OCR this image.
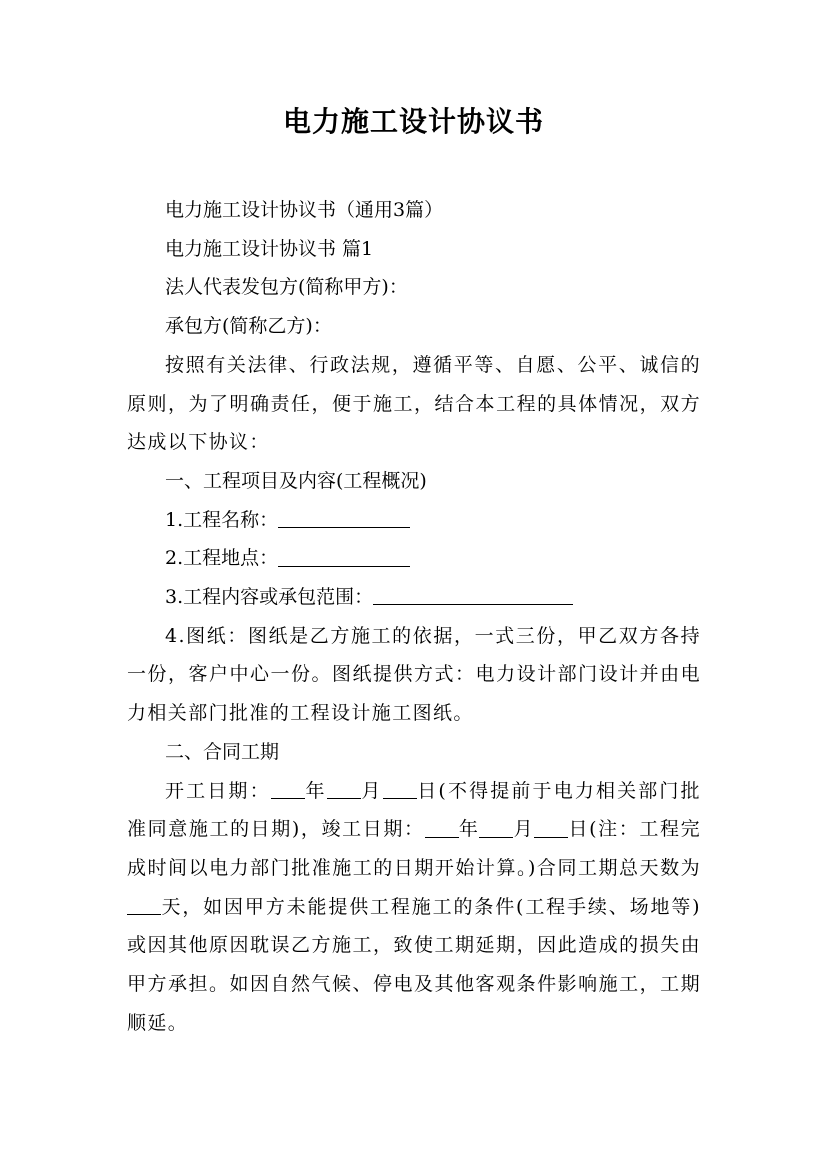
电力施工设计协议书

电力施工设计协议书（通用3篇）

电力施工设计协议书 篇1

法人代表发包方(简称甲方)：

承包方(简称乙方)：

按照有关法律、行政法规，遵循平等、自愿、公平、诚信的原则，为了明确责任，便于施工，结合本工程的具体情况，双方达成以下协议：

一、工程项目及内容(工程概况)

1.工程名称：

2.工程地点：

3.工程内容或承包范围：

4.图纸：图纸是乙方施工的依据，一式三份，甲乙双方各持一份，客户中心一份。图纸提供方式：电力设计部门设计并由电力相关部门批准的工程设计施工图纸。

二、合同工期

开工日期： 年 月 日(不得提前于电力相关部门批准同意施工的日期)，竣工日期： 年 月 日(注：工程完成时间以电力部门批准施工的日期开始计算。)合同工期总天数为天，如因甲方未能提供工程施工的条件(工程手续、场地等)或因其他原因耽误乙方施工，致使工期延期，因此造成的损失由甲方承担。如因自然气候、停电及其他客观条件影响施工，工期顺延。
